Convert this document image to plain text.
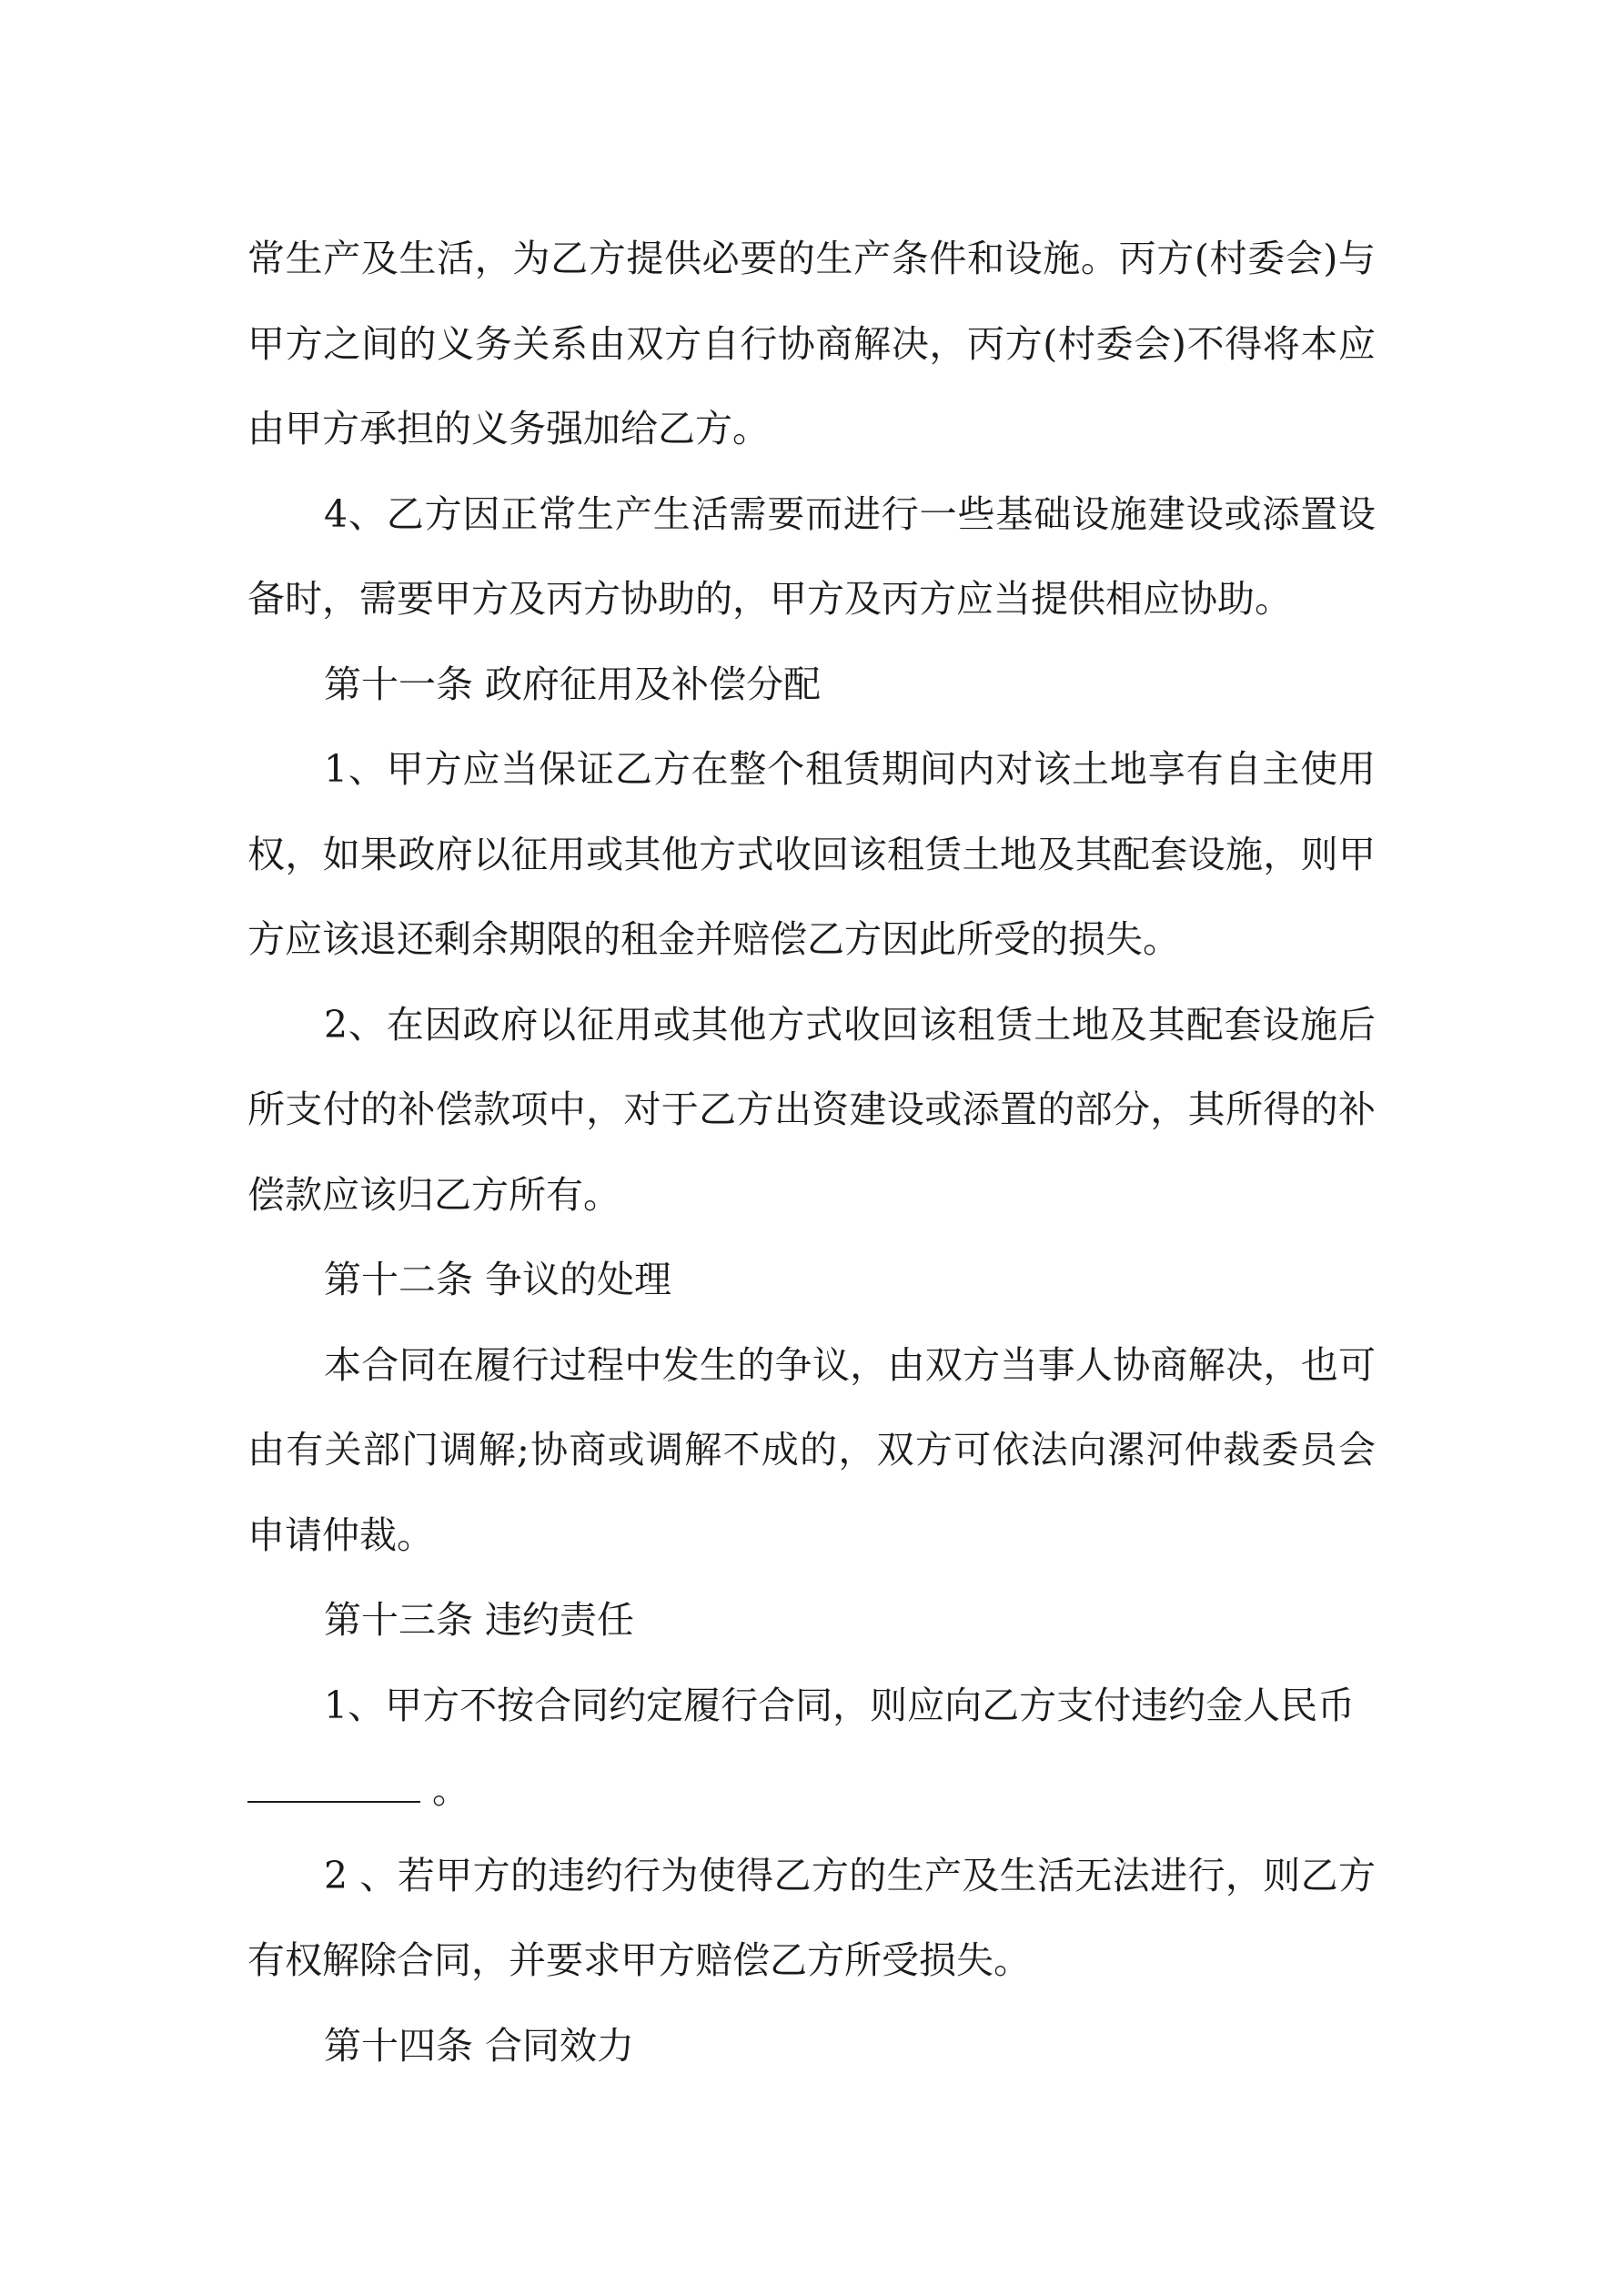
常生产及生活，为乙方提供必要的生产条件和设施。丙方(村委会)与甲方之间的义务关系由双方自行协商解决，丙方(村委会)不得将本应由甲方承担的义务强加给乙方。

4、乙方因正常生产生活需要而进行一些基础设施建设或添置设备时，需要甲方及丙方协助的，甲方及丙方应当提供相应协助。

第十一条 政府征用及补偿分配

1、甲方应当保证乙方在整个租赁期间内对该土地享有自主使用权，如果政府以征用或其他方式收回该租赁土地及其配套设施，则甲方应该退还剩余期限的租金并赔偿乙方因此所受的损失。

2、在因政府以征用或其他方式收回该租赁土地及其配套设施后所支付的补偿款项中，对于乙方出资建设或添置的部分，其所得的补偿款应该归乙方所有。

第十二条 争议的处理

本合同在履行过程中发生的争议，由双方当事人协商解决，也可由有关部门调解;协商或调解不成的，双方可依法向漯河仲裁委员会申请仲裁。

第十三条 违约责任

1、甲方不按合同约定履行合同，则应向乙方支付违约金人民币

。

2 、若甲方的违约行为使得乙方的生产及生活无法进行，则乙方有权解除合同，并要求甲方赔偿乙方所受损失。

第十四条 合同效力
